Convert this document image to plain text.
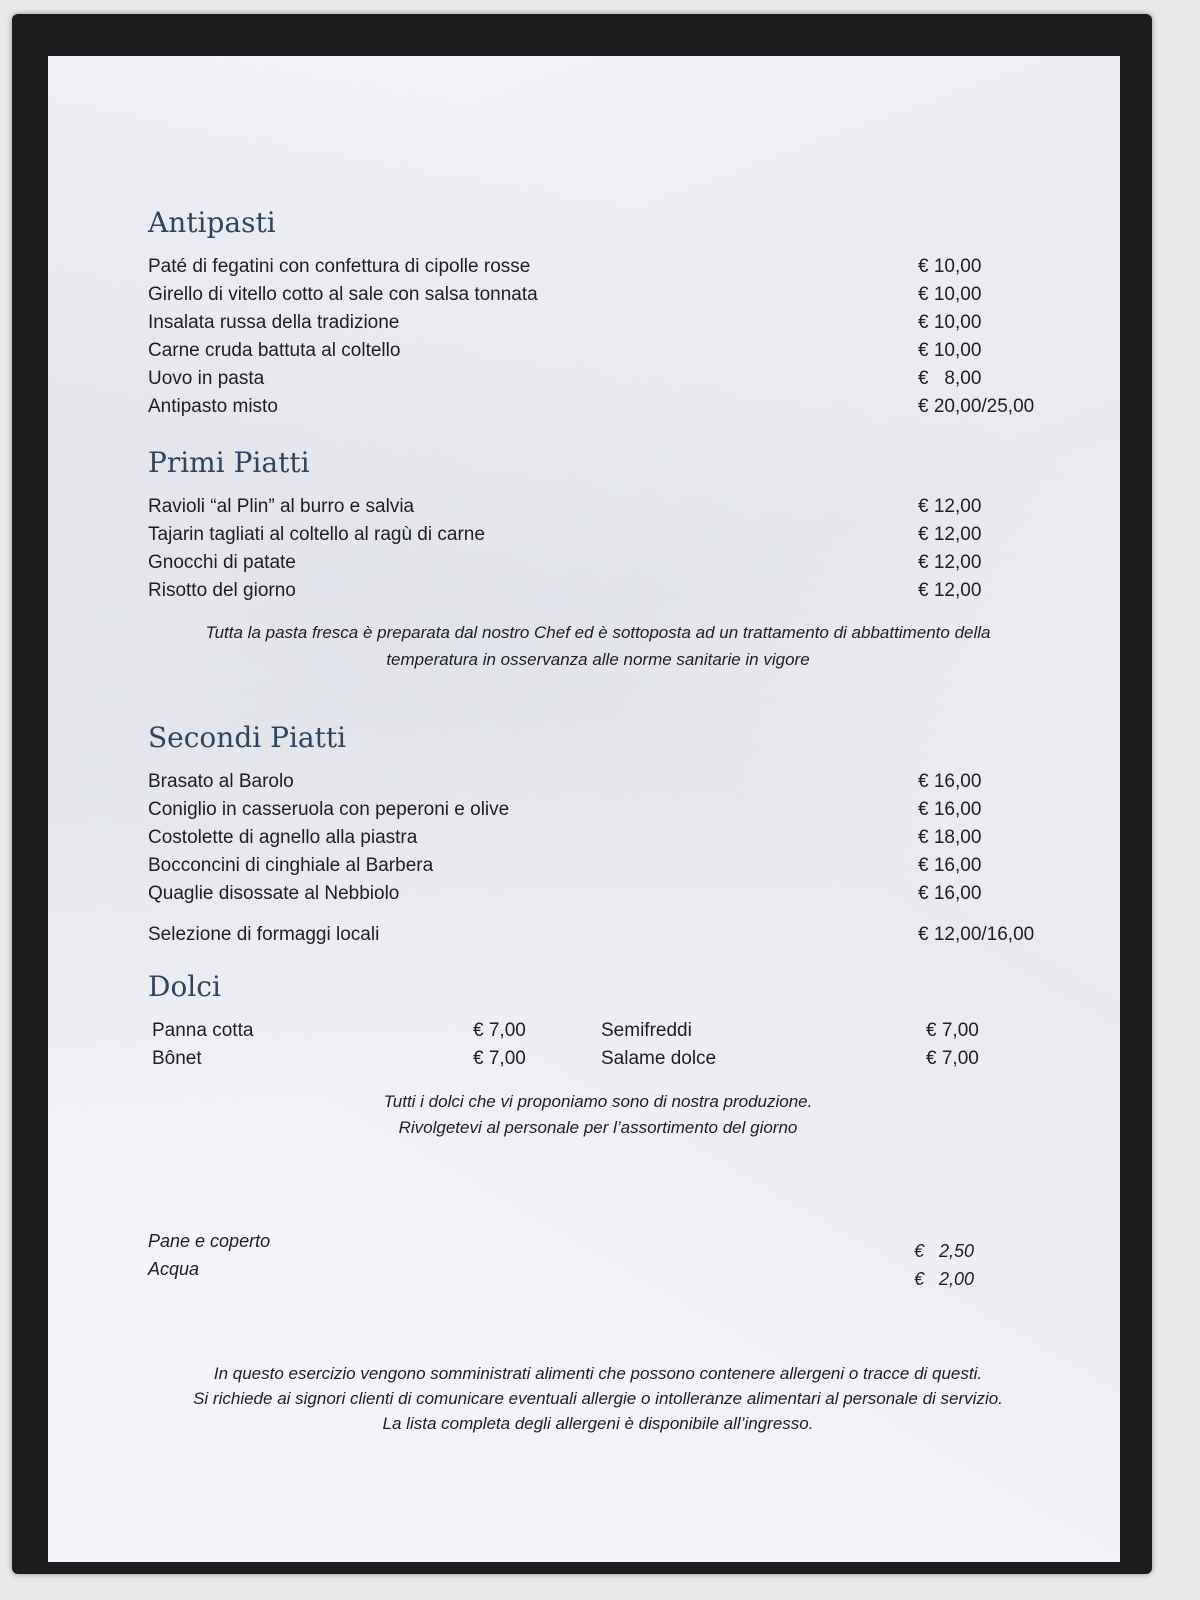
Antipasti
Paté di fegatini con confettura di cipolle rosse	€ 10,00
Girello di vitello cotto al sale con salsa tonnata	€ 10,00
Insalata russa della tradizione	€ 10,00
Carne cruda battuta al coltello	€ 10,00
Uovo in pasta	€   8,00
Antipasto misto	€ 20,00/25,00
Primi Piatti
Ravioli “al Plin” al burro e salvia	€ 12,00
Tajarin tagliati al coltello al ragù di carne	€ 12,00
Gnocchi di patate	€ 12,00
Risotto del giorno	€ 12,00
Tutta la pasta fresca è preparata dal nostro Chef ed è sottoposta ad un trattamento di abbattimento della
temperatura in osservanza alle norme sanitarie in vigore
Secondi Piatti
Brasato al Barolo	€ 16,00
Coniglio in casseruola con peperoni e olive	€ 16,00
Costolette di agnello alla piastra	€ 18,00
Bocconcini di cinghiale al Barbera	€ 16,00
Quaglie disossate al Nebbiolo	€ 16,00
Selezione di formaggi locali	€ 12,00/16,00
Dolci
Panna cotta	€ 7,00	Semifreddi	€ 7,00
Bônet	€ 7,00	Salame dolce	€ 7,00
Tutti i dolci che vi proponiamo sono di nostra produzione.
Rivolgetevi al personale per l’assortimento del giorno
Pane e coperto	€   2,50
Acqua	€   2,00
In questo esercizio vengono somministrati alimenti che possono contenere allergeni o tracce di questi.
Si richiede ai signori clienti di comunicare eventuali allergie o intolleranze alimentari al personale di servizio.
La lista completa degli allergeni è disponibile all’ingresso.
